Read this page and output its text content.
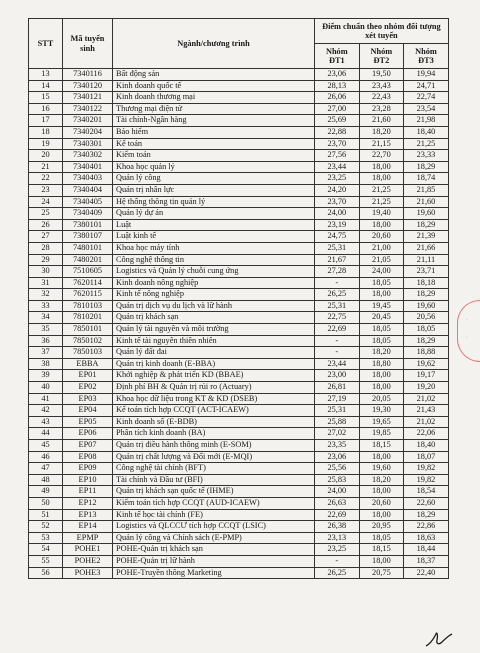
STT	Mã tuyển sinh	Ngành/chương trình	Điểm chuẩn theo nhóm đối tượng xét tuyển		
			Nhóm ĐT1	Nhóm ĐT2	Nhóm ĐT3
13	7340116	Bất động sản	23,06	19,50	19,94
14	7340120	Kinh doanh quốc tế	28,13	23,43	24,71
15	7340121	Kinh doanh thương mại	26,06	22,43	22,74
16	7340122	Thương mại điện tử	27,00	23,28	23,54
17	7340201	Tài chính-Ngân hàng	25,69	21,60	21,98
18	7340204	Bảo hiểm	22,88	18,20	18,40
19	7340301	Kế toán	23,70	21,15	21,25
20	7340302	Kiểm toán	27,56	22,70	23,33
21	7340401	Khoa học quản lý	23,44	18,00	18,29
22	7340403	Quản lý công	23,25	18,00	18,74
23	7340404	Quản trị nhân lực	24,20	21,25	21,85
24	7340405	Hệ thống thông tin quản lý	23,70	21,25	21,60
25	7340409	Quản lý dự án	24,00	19,40	19,60
26	7380101	Luật	23,19	18,00	18,29
27	7380107	Luật kinh tế	24,75	20,60	21,39
28	7480101	Khoa học máy tính	25,31	21,00	21,66
29	7480201	Công nghệ thông tin	21,67	21,05	21,11
30	7510605	Logistics và Quản lý chuỗi cung ứng	27,28	24,00	23,71
31	7620114	Kinh doanh nông nghiệp	-	18,05	18,18
32	7620115	Kinh tế nông nghiệp	26,25	18,00	18,29
33	7810103	Quản trị dịch vụ du lịch và lữ hành	25,31	19,45	19,60
34	7810201	Quản trị khách sạn	22,75	20,45	20,56
35	7850101	Quản lý tài nguyên và môi trường	22,69	18,05	18,05
36	7850102	Kinh tế tài nguyên thiên nhiên	-	18,05	18,29
37	7850103	Quản lý đất đai	-	18,20	18,88
38	EBBA	Quản trị kinh doanh (E-BBA)	23,44	18,80	19,62
39	EP01	Khởi nghiệp & phát triển KD (BBAE)	23,00	18,00	19,17
40	EP02	Định phí BH & Quản trị rủi ro (Actuary)	26,81	18,00	19,20
41	EP03	Khoa học dữ liệu trong KT & KD (DSEB)	27,19	20,05	21,02
42	EP04	Kế toán tích hợp CCQT (ACT-ICAEW)	25,31	19,30	21,43
43	EP05	Kinh doanh số (E-BDB)	25,88	19,65	21,02
44	EP06	Phân tích kinh doanh (BA)	27,02	19,85	22,06
45	EP07	Quản trị điều hành thông minh (E-SOM)	23,35	18,15	18,40
46	EP08	Quản trị chất lượng và Đổi mới (E-MQI)	23,06	18,00	18,07
47	EP09	Công nghệ tài chính (BFT)	25,56	19,60	19,82
48	EP10	Tài chính và Đầu tư (BFI)	25,83	18,20	19,82
49	EP11	Quản trị khách sạn quốc tế (IHME)	24,00	18,00	18,54
50	EP12	Kiểm toán tích hợp CCQT (AUD-ICAEW)	26,63	20,60	22,60
51	EP13	Kinh tế học tài chính (FE)	22,69	18,00	18,29
52	EP14	Logistics và QLCCƯ tích hợp CCQT (LSIC)	26,38	20,95	22,86
53	EPMP	Quản lý công và Chính sách (E-PMP)	23,13	18,05	18,63
54	POHE1	POHE-Quản trị khách sạn	23,25	18,15	18,44
55	POHE2	POHE-Quản trị lữ hành	-	18,00	18,37
56	POHE3	POHE-Truyền thông Marketing	26,25	20,75	22,40
·
·
